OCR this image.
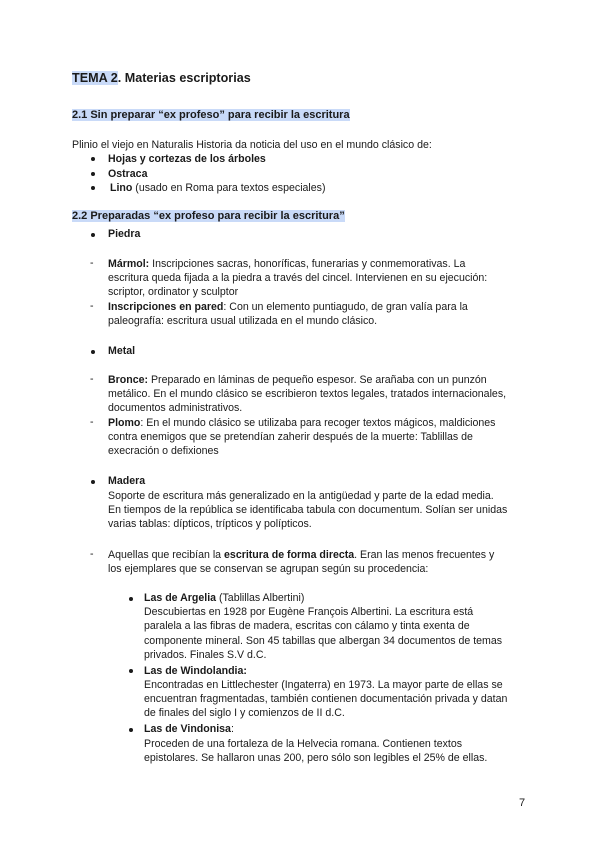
TEMA 2. Materias escriptorias
2.1 Sin preparar “ex profeso” para recibir la escritura
Plinio el viejo en Naturalis Historia da noticia del uso en el mundo clásico de:
Hojas y cortezas de los árboles
Ostraca
Lino (usado en Roma para textos especiales)
2.2 Preparadas “ex profeso para recibir la escritura”
Piedra
- Mármol: Inscripciones sacras, honoríficas, funerarias y conmemorativas. La
escritura queda fijada a la piedra a través del cincel. Intervienen en su ejecución:
scriptor, ordinator y sculptor
- Inscripciones en pared: Con un elemento puntiagudo, de gran valía para la
paleografía: escritura usual utilizada en el mundo clásico.
Metal
- Bronce: Preparado en láminas de pequeño espesor. Se arañaba con un punzón
metálico. En el mundo clásico se escribieron textos legales, tratados internacionales,
documentos administrativos.
- Plomo: En el mundo clásico se utilizaba para recoger textos mágicos, maldiciones
contra enemigos que se pretendían zaherir después de la muerte: Tablillas de
execración o defixiones
Madera
Soporte de escritura más generalizado en la antigüedad y parte de la edad media.
En tiempos de la república se identificaba tabula con documentum. Solían ser unidas
varias tablas: dípticos, trípticos y polípticos.
- Aquellas que recibían la escritura de forma directa. Eran las menos frecuentes y
los ejemplares que se conservan se agrupan según su procedencia:
Las de Argelia (Tablillas Albertini)
Descubiertas en 1928 por Eugène François Albertini. La escritura está
paralela a las fibras de madera, escritas con cálamo y tinta exenta de
componente mineral. Son 45 tabillas que albergan 34 documentos de temas
privados. Finales S.V d.C.
Las de Windolandia:
Encontradas en Littlechester (Ingaterra) en 1973. La mayor parte de ellas se
encuentran fragmentadas, también contienen documentación privada y datan
de finales del siglo I y comienzos de II d.C.
Las de Vindonisa:
Proceden de una fortaleza de la Helvecia romana. Contienen textos
epistolares. Se hallaron unas 200, pero sólo son legibles el 25% de ellas.
7
